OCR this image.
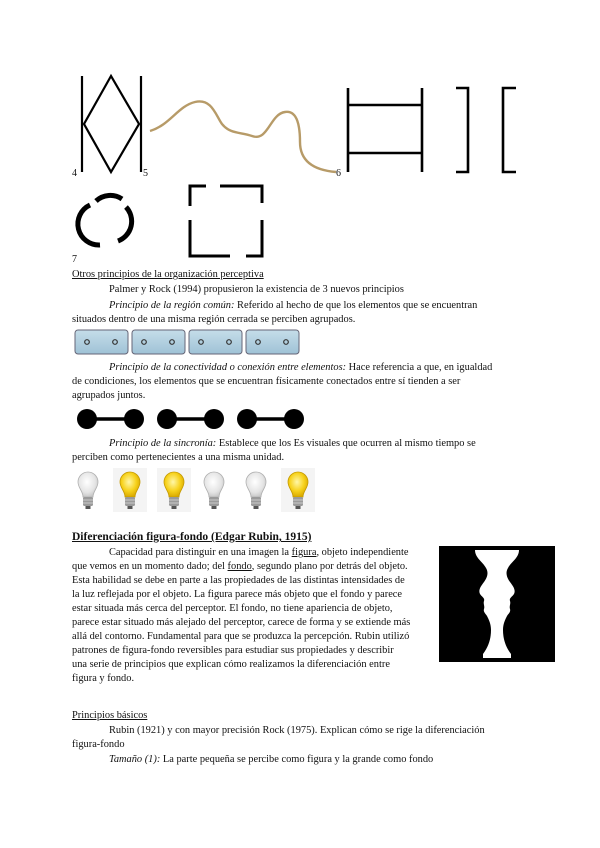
4	5	6
7
Otros principios de la organización perceptiva
Palmer y Rock (1994) propusieron la existencia de 3 nuevos principios
Principio de la región común: Referido al hecho de que los elementos que se encuentran
situados dentro de una misma región cerrada se perciben agrupados.
Principio de la conectividad o conexión entre elementos: Hace referencia a que, en igualdad
de condiciones, los elementos que se encuentran físicamente conectados entre sí tienden a ser
agrupados juntos.
Principio de la sincronía: Establece que los Es visuales que ocurren al mismo tiempo se
perciben como pertenecientes a una misma unidad.
Diferenciación figura-fondo (Edgar Rubin, 1915)
Capacidad para distinguir en una imagen la figura, objeto independiente
que vemos en un momento dado; del fondo, segundo plano por detrás del objeto.
Esta habilidad se debe en parte a las propiedades de las distintas intensidades de
la luz reflejada por el objeto. La figura parece más objeto que el fondo y parece
estar situada más cerca del perceptor. El fondo, no tiene apariencia de objeto,
parece estar situado más alejado del perceptor, carece de forma y se extiende más
allá del contorno. Fundamental para que se produzca la percepción. Rubin utilizó
patrones de figura-fondo reversibles para estudiar sus propiedades y describir
una serie de principios que explican cómo realizamos la diferenciación entre
figura y fondo.
Principios básicos
Rubin (1921) y con mayor precisión Rock (1975). Explican cómo se rige la diferenciación
figura-fondo
Tamaño (1): La parte pequeña se percibe como figura y la grande como fondo
